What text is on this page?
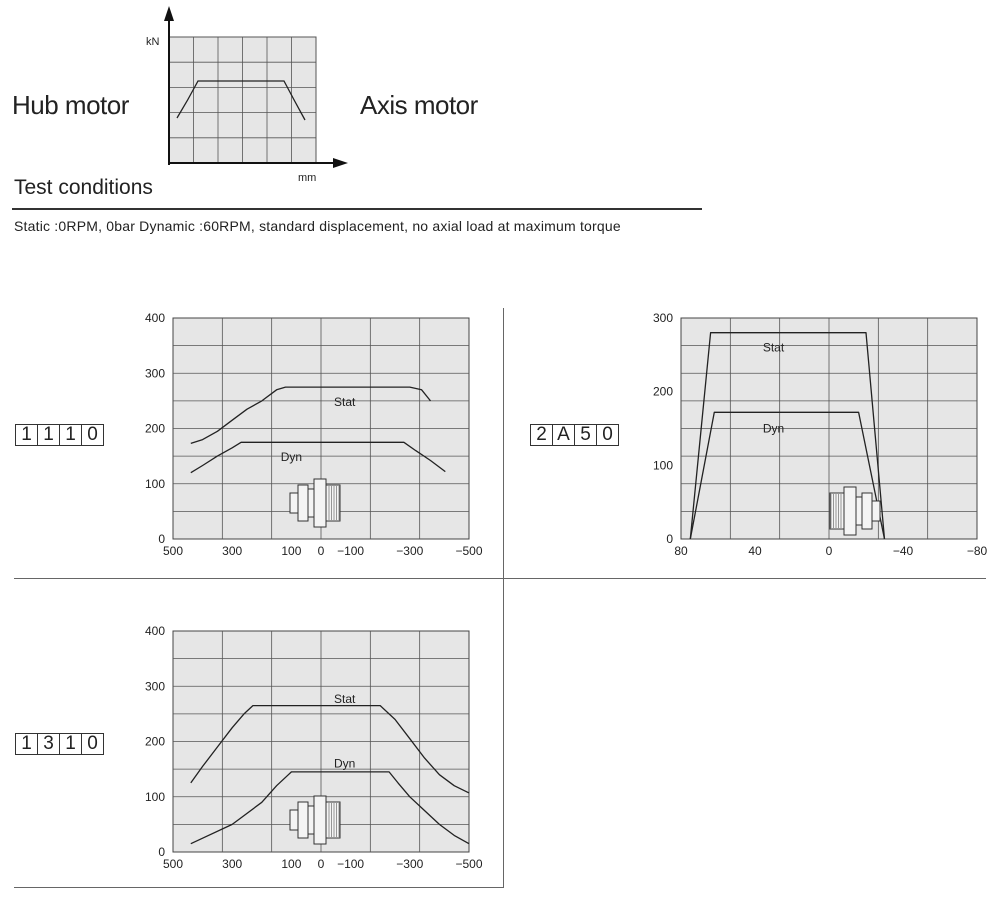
Hub motor	Axis motor
kN
mm
Test conditions
Static :0RPM, 0bar Dynamic :60RPM, standard displacement, no axial load at maximum torque
1 1 1 0	2 A 5 0
1 3 1 0
0
100
200
300
400
500	300	100 0 −100	−300	−500
Stat
Dyn
0
100
200
300
80	40	0	−40	−80
Stat
Dyn
0
100
200
300
400
500	300	100 0 −100	−300	−500
Stat
Dyn
